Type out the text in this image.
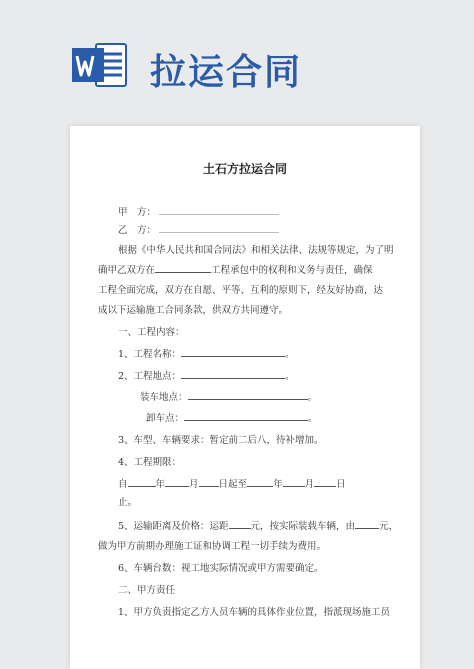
拉运合同
土石方拉运合同
甲　方：
乙　方：
根据《中华人民共和国合同法》和相关法律、法规等规定，为了明
确甲乙双方在	工程承包中的权利和义务与责任，确保
工程全面完成，双方在自愿、平等、互利的原则下，经友好协商，达
成以下运输施工合同条款，供双方共同遵守。
一、工程内容：
1、工程名称：	。
2、工程地点：	。
装车地点：	。
卸车点：	。
3、车型、车辆要求：暂定前二后八，待补增加。
4、工程期限：
自	年	月 日起至	年 月 日
止。
5、运输距离及价格：运距 元，按实际装载车辆，由	元，
做为甲方前期办理施工证和协调工程一切手续为费用。
6、车辆台数：视工地实际情况或甲方需要确定。
二、甲方责任
1、甲方负责指定乙方人员车辆的具体作业位置，指派现场施工员
